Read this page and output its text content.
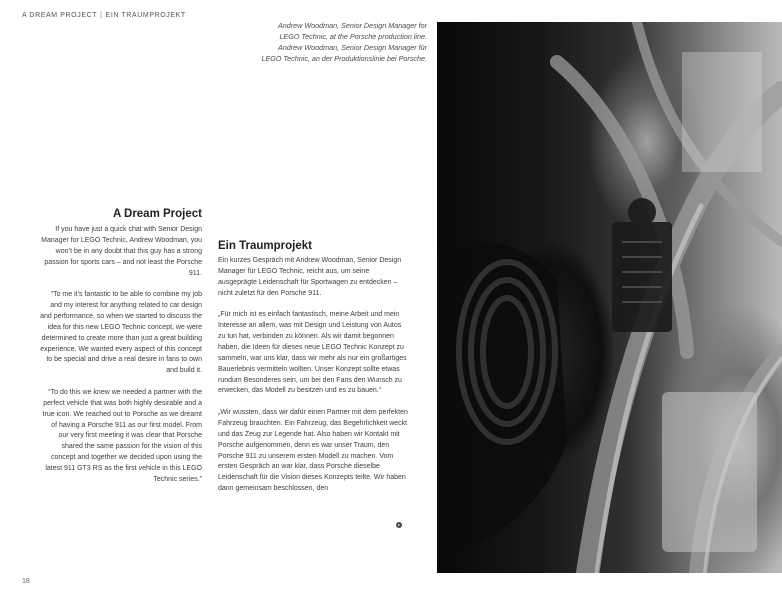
A DREAM PROJECT | EIN TRAUMPROJEKT
Andrew Woodman, Senior Design Manager for
LEGO Technic, at the Porsche production line.
Andrew Woodman, Senior Design Manager für
LEGO Technic, an der Produktionslinie bei Porsche.
A Dream Project

If you have just a quick chat with Senior Design Manager for LEGO Technic, Andrew Woodman, you won’t be in any doubt that this guy has a strong passion for sports cars – and not least the Porsche 911.

“To me it’s fantastic to be able to combine my job and my interest for anything related to car design and performance, so when we started to discuss the idea for this new LEGO Technic concept, we were determined to create more than just a great building experience. We wanted every aspect of this concept to be special and drive a real desire in fans to own and build it.

“To do this we knew we needed a partner with the perfect vehicle that was both highly desirable and a true icon. We reached out to Porsche as we dreamt of having a Porsche 911 as our first model. From our very first meeting it was clear that Porsche shared the same passion for the vision of this concept and together we decided upon using the latest 911 GT3 RS as the first vehicle in this LEGO Technic series.”

Ein Traumprojekt

Ein kurzes Gespräch mit Andrew Woodman, Senior Design Manager für LEGO Technic, reicht aus, um seine ausgeprägte Leidenschaft für Sportwagen zu entdecken – nicht zuletzt für den Porsche 911.

„Für mich ist es einfach fantastisch, meine Arbeit und mein Interesse an allem, was mit Design und Leistung von Autos zu tun hat, verbinden zu können. Als wir damit begonnen haben, die Ideen für dieses neue LEGO Technic Konzept zu sammeln, war uns klar, dass wir mehr als nur ein großartiges Bauerlebnis vermitteln wollten. Unser Konzept sollte etwas rundum Besonderes sein, um bei den Fans den Wunsch zu erwecken, das Modell zu besitzen und es zu bauen.“

„Wir wussten, dass wir dafür einen Partner mit dem perfekten Fahrzeug brauchten. Ein Fahrzeug, das Begehrlichkeit weckt und das Zeug zur Legende hat. Also haben wir Kontakt mit Porsche aufgenommen, denn es war unser Traum, den Porsche 911 zu unserem ersten Modell zu machen. Vom ersten Gespräch an war klar, dass Porsche dieselbe Leidenschaft für die Vision dieses Konzepts teilte. Wir haben dann gemeinsam beschlossen, den

18
